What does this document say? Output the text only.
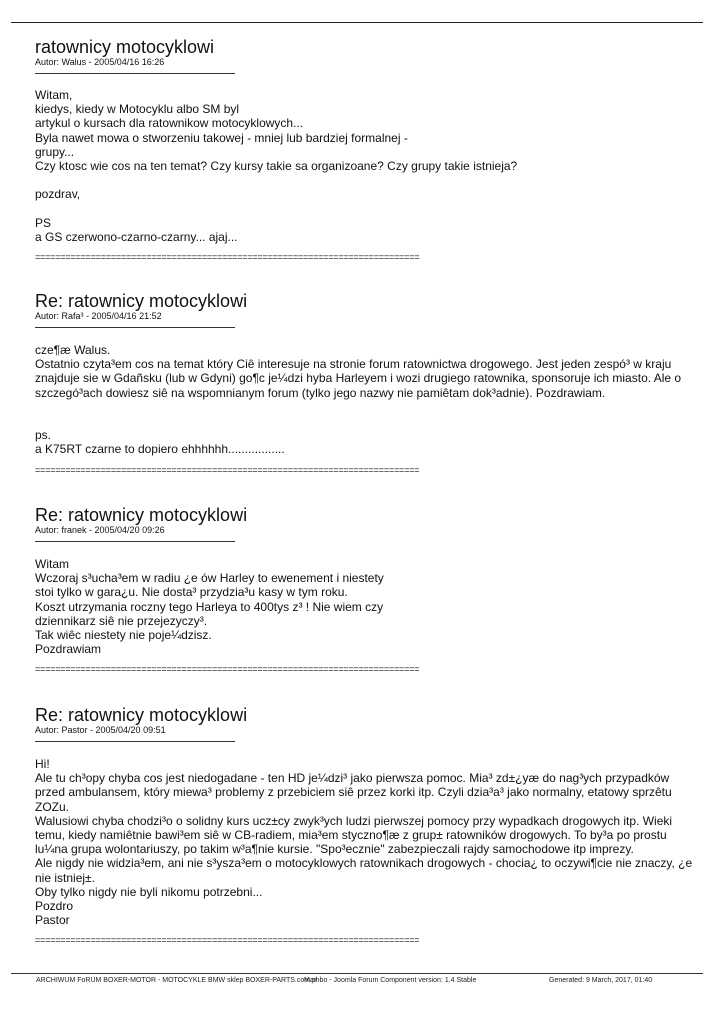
ratownicy motocyklowi
Autor: Walus - 2005/04/16 16:26
Witam,
kiedys, kiedy w Motocyklu albo SM byl
artykul o kursach dla ratownikow motocyklowych...
Byla nawet mowa o stworzeniu takowej - mniej lub bardziej formalnej -
grupy...
Czy ktosc wie cos na ten temat? Czy kursy takie sa organizoane? Czy grupy takie istnieja?
pozdrav,
PS
a GS czerwono-czarno-czarny... ajaj...
============================================================================
Re: ratownicy motocyklowi
Autor: Rafa³ - 2005/04/16 21:52
cze¶æ Walus.
Ostatnio czyta³em cos na temat który Ciê interesuje na stronie forum ratownictwa drogowego. Jest jeden zespó³ w kraju znajduje sie w Gdañsku (lub w Gdyni) go¶c je¼dzi hyba Harleyem i wozi drugiego ratownika, sponsoruje ich miasto. Ale o szczegó³ach dowiesz siê na wspomnianym forum (tylko jego nazwy nie pamiêtam dok³adnie). Pozdrawiam.
ps.
a K75RT czarne to dopiero ehhhhhh.................
============================================================================
Re: ratownicy motocyklowi
Autor: franek - 2005/04/20 09:26
Witam
Wczoraj s³ucha³em w radiu ¿e ów Harley to ewenement i niestety
stoi tylko w gara¿u. Nie dosta³ przydzia³u kasy w tym roku.
Koszt utrzymania roczny tego Harleya to 400tys z³ ! Nie wiem czy
dziennikarz siê nie przejezyczy³.
Tak wiêc niestety nie poje¼dzisz.
Pozdrawiam
============================================================================
Re: ratownicy motocyklowi
Autor: Pastor - 2005/04/20 09:51
Hi!
Ale tu ch³opy chyba cos jest niedogadane - ten HD je¼dzi³ jako pierwsza pomoc. Mia³ zd±¿yæ do nag³ych przypadków przed ambulansem, który miewa³ problemy z przebiciem siê przez korki itp. Czyli dzia³a³ jako normalny, etatowy sprzêtu ZOZu.
Walusiowi chyba chodzi³o o solidny kurs ucz±cy zwyk³ych ludzi pierwszej pomocy przy wypadkach drogowych itp. Wieki temu, kiedy namiêtnie bawi³em siê w CB-radiem, mia³em styczno¶æ z grup± ratowników drogowych. To by³a po prostu lu¼na grupa wolontariuszy, po takim w³a¶nie kursie. "Spo³ecznie" zabezpieczali rajdy samochodowe itp imprezy.
Ale nigdy nie widzia³em, ani nie s³ysza³em o motocyklowych ratownikach drogowych - chocia¿ to oczywi¶cie nie znaczy, ¿e nie istniej±.
Oby tylko nigdy nie byli nikomu potrzebni...
Pozdro
Pastor
============================================================================
ARCHIWUM FoRUM BOXER-MOTOR - MOTOCYKLE BMW sklep BOXER-PARTS.com.pl
Mambo - Joomla Forum Component version: 1.4 Stable	Generated: 9 March, 2017, 01:40
